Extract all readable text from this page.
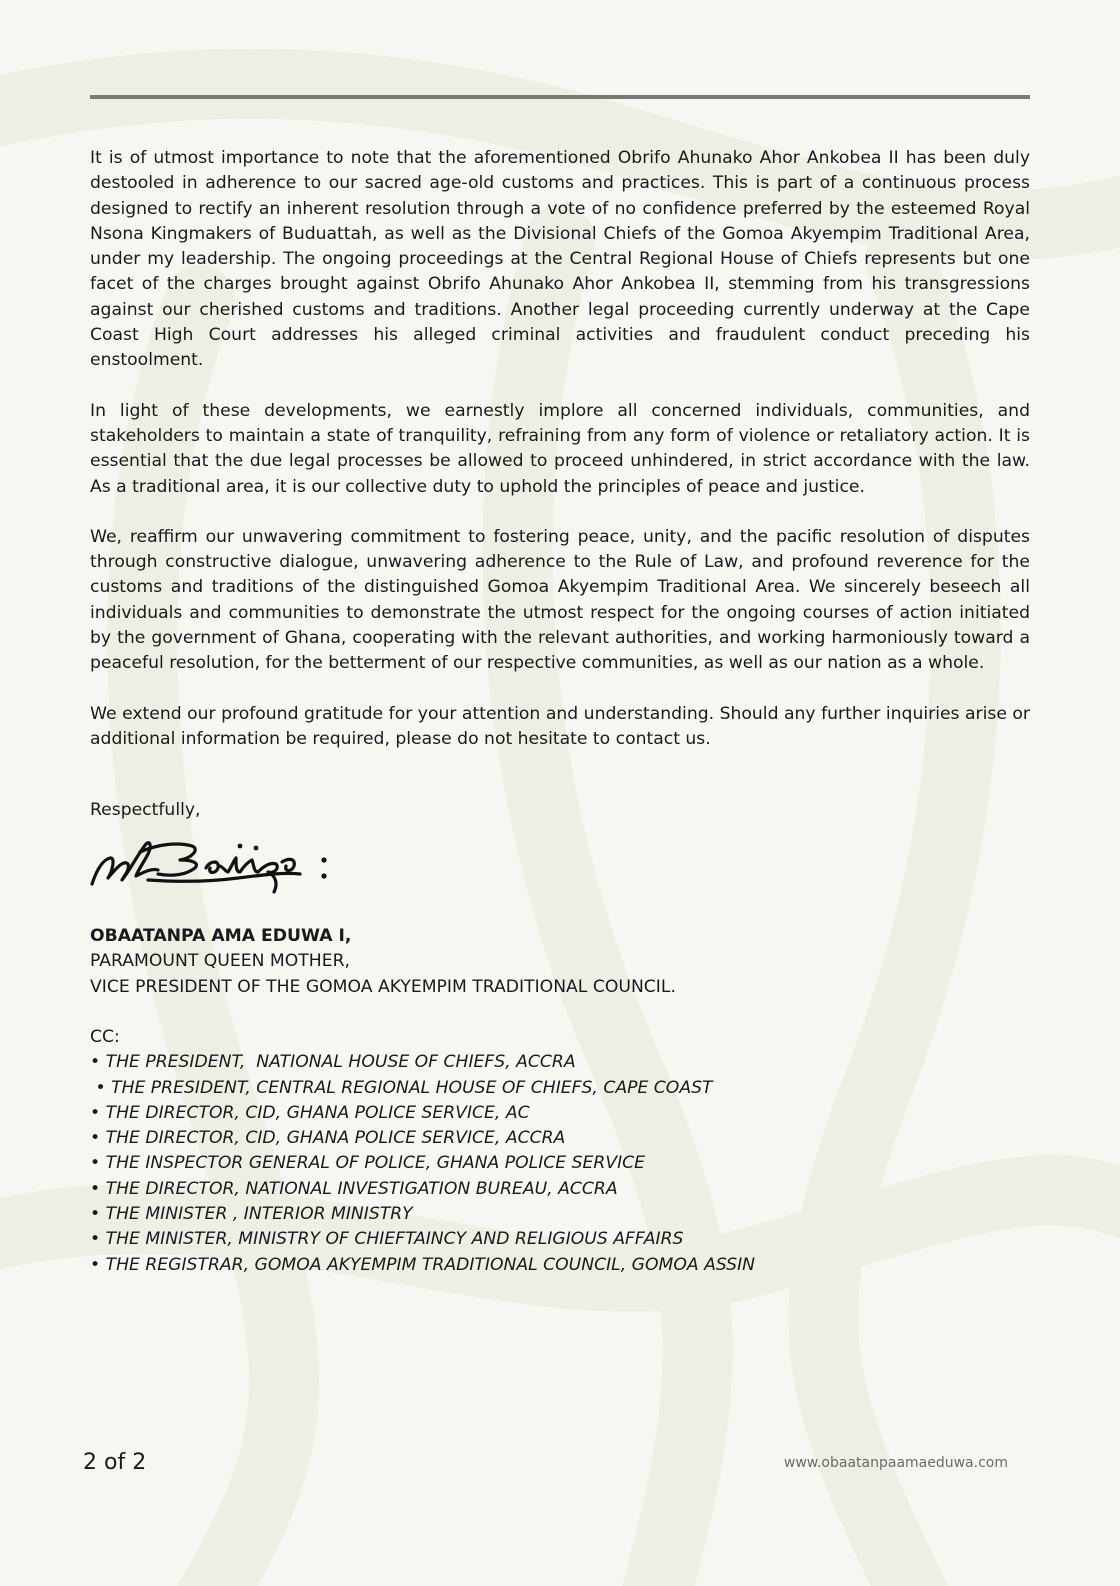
It is of utmost importance to note that the aforementioned Obrifo Ahunako Ahor Ankobea II has been duly destooled in adherence to our sacred age-old customs and practices. This is part of a continuous process designed to rectify an inherent resolution through a vote of no confidence preferred by the esteemed Royal Nsona Kingmakers of Buduattah, as well as the Divisional Chiefs of the Gomoa Akyempim Traditional Area, under my leadership. The ongoing proceedings at the Central Regional House of Chiefs represents but one facet of the charges brought against Obrifo Ahunako Ahor Ankobea II, stemming from his transgressions against our cherished customs and traditions. Another legal proceeding currently underway at the Cape Coast High Court addresses his alleged criminal activities and fraudulent conduct preceding his enstoolment.

In light of these developments, we earnestly implore all concerned individuals, communities, and stakeholders to maintain a state of tranquility, refraining from any form of violence or retaliatory action. It is essential that the due legal processes be allowed to proceed unhindered, in strict accordance with the law. As a traditional area, it is our collective duty to uphold the principles of peace and justice.

We, reaffirm our unwavering commitment to fostering peace, unity, and the pacific resolution of disputes through constructive dialogue, unwavering adherence to the Rule of Law, and profound reverence for the customs and traditions of the distinguished Gomoa Akyempim Traditional Area. We sincerely beseech all individuals and communities to demonstrate the utmost respect for the ongoing courses of action initiated by the government of Ghana, cooperating with the relevant authorities, and working harmoniously toward a peaceful resolution, for the betterment of our respective communities, as well as our nation as a whole.

We extend our profound gratitude for your attention and understanding. Should any further inquiries arise or additional information be required, please do not hesitate to contact us.

Respectfully,
OBAATANPA AMA EDUWA I,
PARAMOUNT QUEEN MOTHER,
VICE PRESIDENT OF THE GOMOA AKYEMPIM TRADITIONAL COUNCIL.
CC:
• THE PRESIDENT,  NATIONAL HOUSE OF CHIEFS, ACCRA
• THE PRESIDENT, CENTRAL REGIONAL HOUSE OF CHIEFS, CAPE COAST
• THE DIRECTOR, CID, GHANA POLICE SERVICE, AC
• THE DIRECTOR, CID, GHANA POLICE SERVICE, ACCRA
• THE INSPECTOR GENERAL OF POLICE, GHANA POLICE SERVICE
• THE DIRECTOR, NATIONAL INVESTIGATION BUREAU, ACCRA
• THE MINISTER , INTERIOR MINISTRY
• THE MINISTER, MINISTRY OF CHIEFTAINCY AND RELIGIOUS AFFAIRS
• THE REGISTRAR, GOMOA AKYEMPIM TRADITIONAL COUNCIL, GOMOA ASSIN
2 of 2	www.obaatanpaamaeduwa.com
